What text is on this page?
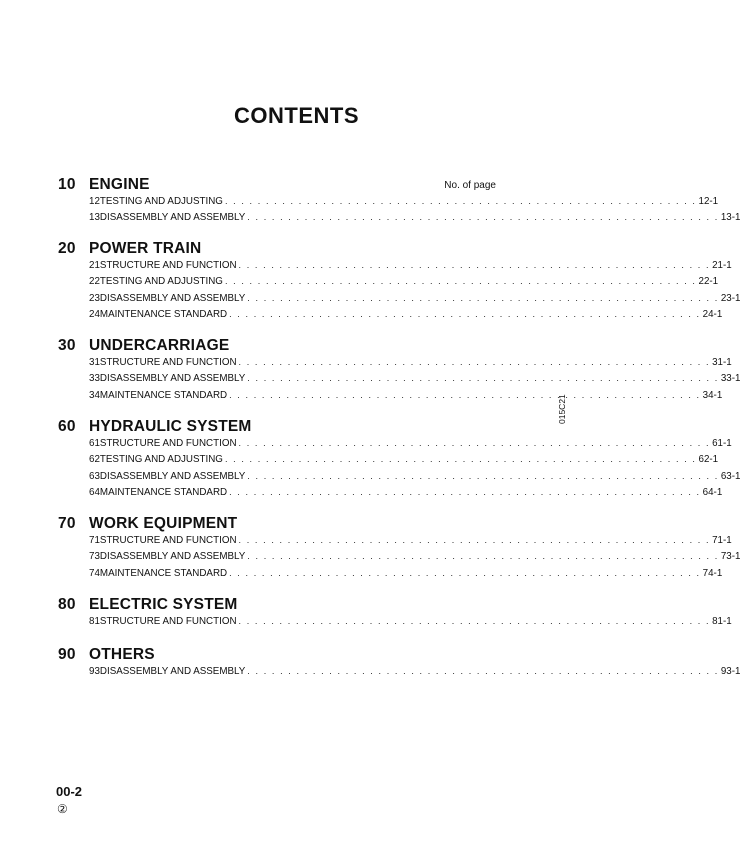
CONTENTS
No. of page
10 ENGINE
12 TESTING AND ADJUSTING . . . . . . . . . . . . . . . . . . . . . . . . . . . . . . . . . . . . . . . . . . . . . . . . . . . . . . . . . . 12-1
13 DISASSEMBLY AND ASSEMBLY . . . . . . . . . . . . . . . . . . . . . . . . . . . . . . . . . . . . . . . . . . . . . . . . . . . . . . . . . . 13-1
20 POWER TRAIN
21 STRUCTURE AND FUNCTION . . . . . . . . . . . . . . . . . . . . . . . . . . . . . . . . . . . . . . . . . . . . . . . . . . . . . . . . . . 21-1
22 TESTING AND ADJUSTING . . . . . . . . . . . . . . . . . . . . . . . . . . . . . . . . . . . . . . . . . . . . . . . . . . . . . . . . . . 22-1
23 DISASSEMBLY AND ASSEMBLY . . . . . . . . . . . . . . . . . . . . . . . . . . . . . . . . . . . . . . . . . . . . . . . . . . . . . . . . . . 23-1
24 MAINTENANCE STANDARD . . . . . . . . . . . . . . . . . . . . . . . . . . . . . . . . . . . . . . . . . . . . . . . . . . . . . . . . . . 24-1
30 UNDERCARRIAGE
31 STRUCTURE AND FUNCTION . . . . . . . . . . . . . . . . . . . . . . . . . . . . . . . . . . . . . . . . . . . . . . . . . . . . . . . . . . 31-1
33 DISASSEMBLY AND ASSEMBLY . . . . . . . . . . . . . . . . . . . . . . . . . . . . . . . . . . . . . . . . . . . . . . . . . . . . . . . . . . 33-1
34 MAINTENANCE STANDARD . . . . . . . . . . . . . . . . . . . . . . . . . . . . . . . . . . . . . . . . . . . . . . . . . . . . . . . . . . 34-1
60 HYDRAULIC SYSTEM
61 STRUCTURE AND FUNCTION . . . . . . . . . . . . . . . . . . . . . . . . . . . . . . . . . . . . . . . . . . . . . . . . . . . . . . . . . . 61-1
62 TESTING AND ADJUSTING . . . . . . . . . . . . . . . . . . . . . . . . . . . . . . . . . . . . . . . . . . . . . . . . . . . . . . . . . . 62-1
63 DISASSEMBLY AND ASSEMBLY . . . . . . . . . . . . . . . . . . . . . . . . . . . . . . . . . . . . . . . . . . . . . . . . . . . . . . . . . . 63-1
64 MAINTENANCE STANDARD . . . . . . . . . . . . . . . . . . . . . . . . . . . . . . . . . . . . . . . . . . . . . . . . . . . . . . . . . . 64-1
70 WORK EQUIPMENT
71 STRUCTURE AND FUNCTION . . . . . . . . . . . . . . . . . . . . . . . . . . . . . . . . . . . . . . . . . . . . . . . . . . . . . . . . . . 71-1
73 DISASSEMBLY AND ASSEMBLY . . . . . . . . . . . . . . . . . . . . . . . . . . . . . . . . . . . . . . . . . . . . . . . . . . . . . . . . . . 73-1
74 MAINTENANCE STANDARD . . . . . . . . . . . . . . . . . . . . . . . . . . . . . . . . . . . . . . . . . . . . . . . . . . . . . . . . . . 74-1
80 ELECTRIC SYSTEM
81 STRUCTURE AND FUNCTION . . . . . . . . . . . . . . . . . . . . . . . . . . . . . . . . . . . . . . . . . . . . . . . . . . . . . . . . . . 81-1
90 OTHERS
93 DISASSEMBLY AND ASSEMBLY . . . . . . . . . . . . . . . . . . . . . . . . . . . . . . . . . . . . . . . . . . . . . . . . . . . . . . . . . . 93-1
015C21
00-2
②
